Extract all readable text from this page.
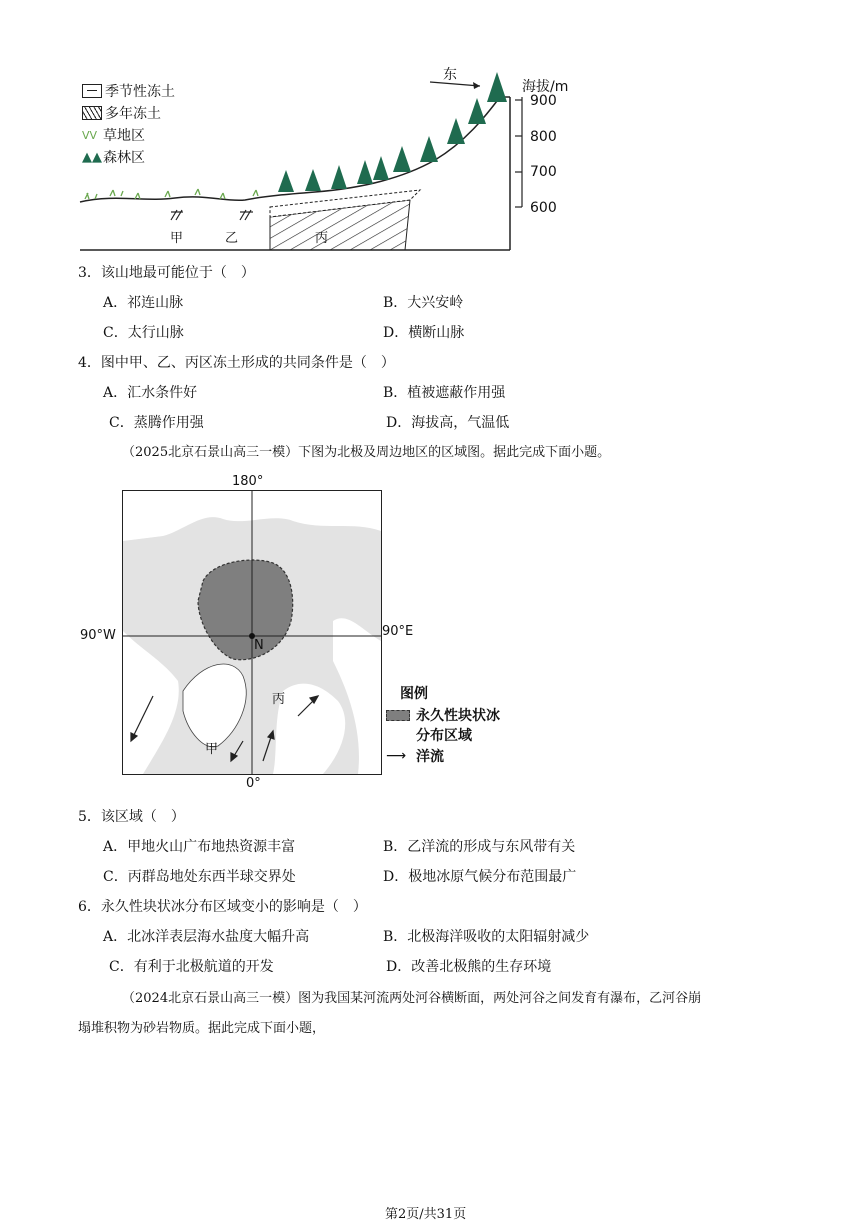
季节性冻土
多年冻土
ᐯᐯ 草地区
▲▲ 森林区
东
海拔/m
900
800
700
600
甲	乙	丙
3．该山地最可能位于（　）
A．祁连山脉	B．大兴安岭
C．太行山脉	D．横断山脉
4．图中甲、乙、丙区冻土形成的共同条件是（　）
A．汇水条件好	B．植被遮蔽作用强
C．蒸腾作用强	D．海拔高，气温低
（2025北京石景山高三一模）下图为北极及周边地区的区域图。据此完成下面小题。
180°
90°W	90°E
0°
N
甲
丙	图例
永久性块状冰
分布区域
⟶ 洋流
5．该区域（　）
A．甲地火山广布地热资源丰富	B．乙洋流的形成与东风带有关
C．丙群岛地处东西半球交界处	D．极地冰原气候分布范围最广
6．永久性块状冰分布区域变小的影响是（　）
A．北冰洋表层海水盐度大幅升高	B．北极海洋吸收的太阳辐射减少
C．有利于北极航道的开发	D．改善北极熊的生存环境
（2024北京石景山高三一模）图为我国某河流两处河谷横断面，两处河谷之间发育有瀑布，乙河谷崩
塌堆积物为砂岩物质。据此完成下面小题，
第2页/共31页
